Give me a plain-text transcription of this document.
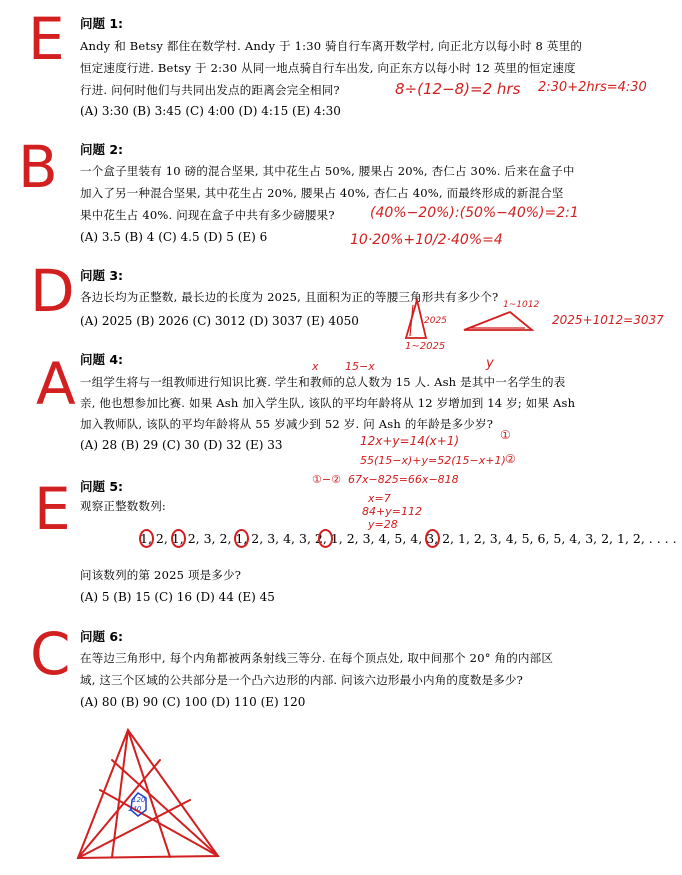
E
B
D
A
E
C
问题 1:
Andy 和 Betsy 都住在数学村. Andy 于 1:30 骑自行车离开数学村, 向正北方以每小时 8 英里的
恒定速度行进. Betsy 于 2:30 从同一地点骑自行车出发, 向正东方以每小时 12 英里的恒定速度
行进. 问何时他们与共同出发点的距离会完全相同?
(A) 3:30 (B) 3:45 (C) 4:00 (D) 4:15 (E) 4:30
8÷(12−8)=2 hrs 2:30+2hrs=4:30
问题 2:
一个盒子里装有 10 磅的混合坚果, 其中花生占 50%, 腰果占 20%, 杏仁占 30%. 后来在盒子中
加入了另一种混合坚果, 其中花生占 20%, 腰果占 40%, 杏仁占 40%, 而最终形成的新混合坚
果中花生占 40%. 问现在盒子中共有多少磅腰果?
(A) 3.5 (B) 4 (C) 4.5 (D) 5 (E) 6
(40%−20%):(50%−40%)=2:1
10·20%+10/2·40%=4
问题 3:
各边长均为正整数, 最长边的长度为 2025, 且面积为正的等腰三角形共有多少个?
(A) 2025 (B) 2026 (C) 3012 (D) 3037 (E) 4050	2025
1~2025
1~1012
2025+1012=3037
问题 4:
一组学生将与一组教师进行知识比赛. 学生和教师的总人数为 15 人. Ash 是其中一名学生的表
亲, 他也想参加比赛. 如果 Ash 加入学生队, 该队的平均年龄将从 12 岁增加到 14 岁; 如果 Ash
加入教师队, 该队的平均年龄将从 55 岁减少到 52 岁. 问 Ash 的年龄是多少岁?
(A) 28 (B) 29 (C) 30 (D) 32 (E) 33
x 15−x	y
12x+y=14(x+1)
55(15−x)+y=52(15−x+1)
①
②
①−② 67x−825=66x−818
x=7
84+y=112
y=28
问题 5:
观察正整数数列:
1, 2, 1, 2, 3, 2, 1, 2, 3, 4, 3, 2, 1, 2, 3, 4, 5, 4, 3, 2, 1, 2, 3, 4, 5, 6, 5, 4, 3, 2, 1, 2, . . . .
问该数列的第 2025 项是多少?
(A) 5 (B) 15 (C) 16 (D) 44 (E) 45
问题 6:
在等边三角形中, 每个内角都被两条射线三等分. 在每个顶点处, 取中间那个 20° 角的内部区
域, 这三个区域的公共部分是一个凸六边形的内部. 问该六边形最小内角的度数是多少?
(A) 80 (B) 90 (C) 100 (D) 110 (E) 120
120
140
